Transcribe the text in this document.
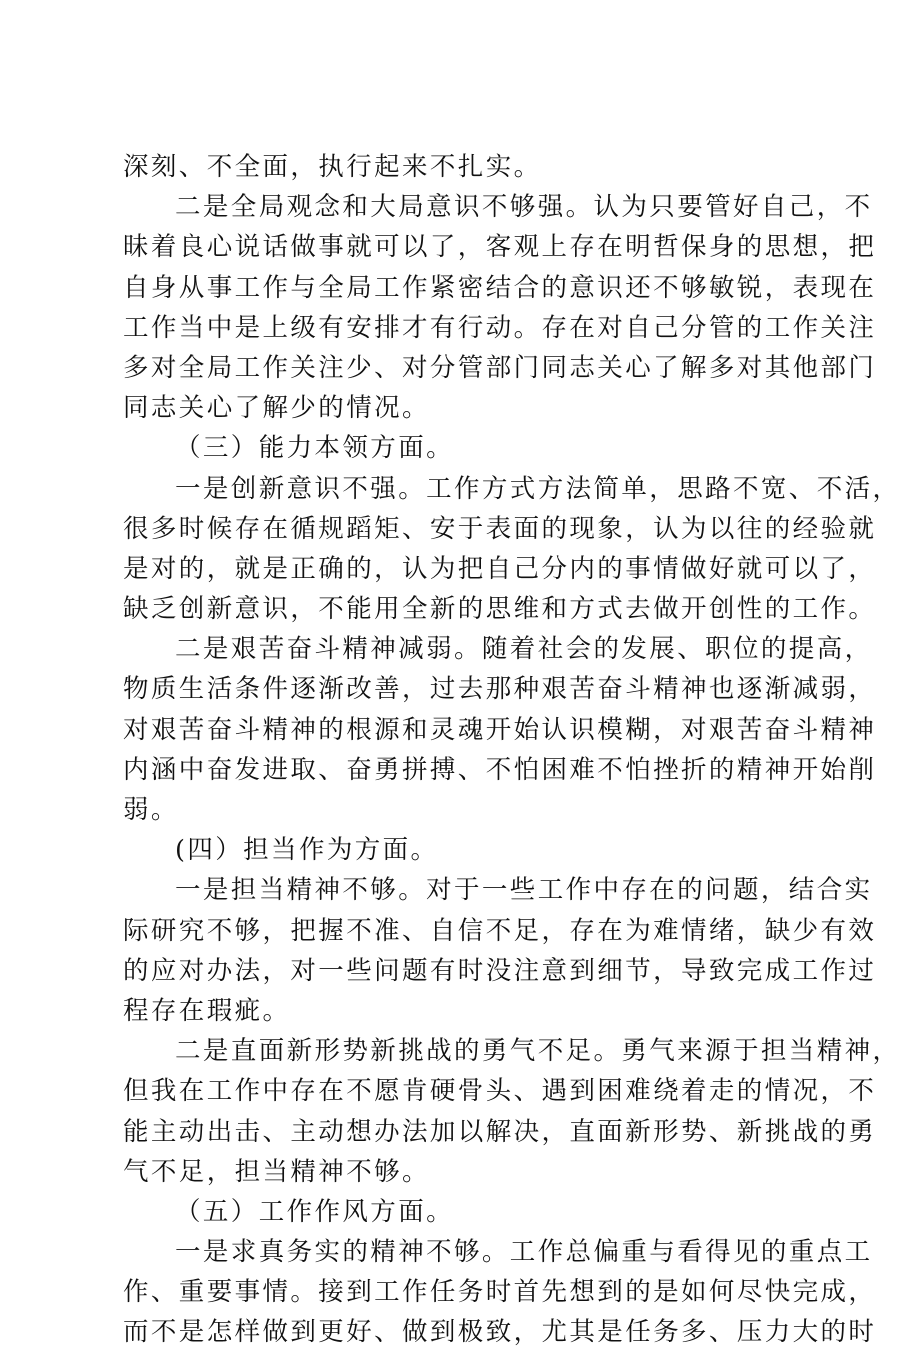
深刻、不全面，执行起来不扎实。
二是全局观念和大局意识不够强。认为只要管好自己，不
昧着良心说话做事就可以了，客观上存在明哲保身的思想，把
自身从事工作与全局工作紧密结合的意识还不够敏锐，表现在
工作当中是上级有安排才有行动。存在对自己分管的工作关注
多对全局工作关注少、对分管部门同志关心了解多对其他部门
同志关心了解少的情况。
（三）能力本领方面。
一是创新意识不强。工作方式方法简单，思路不宽、不活，
很多时候存在循规蹈矩、安于表面的现象，认为以往的经验就
是对的，就是正确的，认为把自己分内的事情做好就可以了，
缺乏创新意识，不能用全新的思维和方式去做开创性的工作。
二是艰苦奋斗精神减弱。随着社会的发展、职位的提高，
物质生活条件逐渐改善，过去那种艰苦奋斗精神也逐渐减弱，
对艰苦奋斗精神的根源和灵魂开始认识模糊，对艰苦奋斗精神
内涵中奋发进取、奋勇拼搏、不怕困难不怕挫折的精神开始削
弱。
(四）担当作为方面。
一是担当精神不够。对于一些工作中存在的问题，结合实
际研究不够，把握不准、自信不足，存在为难情绪，缺少有效
的应对办法，对一些问题有时没注意到细节，导致完成工作过
程存在瑕疵。
二是直面新形势新挑战的勇气不足。勇气来源于担当精神，
但我在工作中存在不愿肯硬骨头、遇到困难绕着走的情况，不
能主动出击、主动想办法加以解决，直面新形势、新挑战的勇
气不足，担当精神不够。
（五）工作作风方面。
一是求真务实的精神不够。工作总偏重与看得见的重点工
作、重要事情。接到工作任务时首先想到的是如何尽快完成，
而不是怎样做到更好、做到极致，尤其是任务多、压力大的时
